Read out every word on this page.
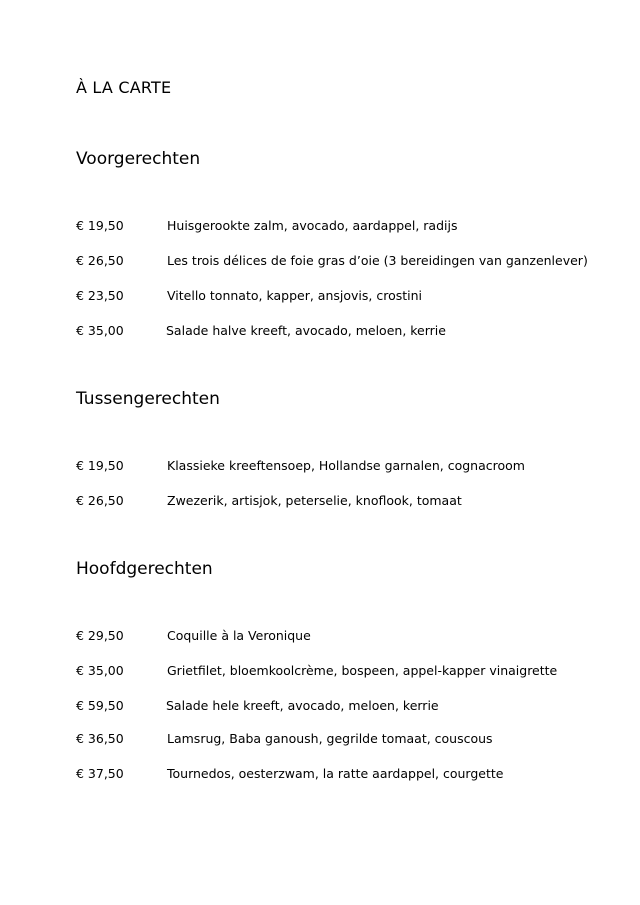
À LA CARTE
Voorgerechten
€ 19,50	Huisgerookte zalm, avocado, aardappel, radijs
€ 26,50	Les trois délices de foie gras d’oie (3 bereidingen van ganzenlever)
€ 23,50	Vitello tonnato, kapper, ansjovis, crostini
€ 35,00	Salade halve kreeft, avocado, meloen, kerrie
Tussengerechten
€ 19,50	Klassieke kreeftensoep, Hollandse garnalen, cognacroom
€ 26,50	Zwezerik, artisjok, peterselie, knoflook, tomaat
Hoofdgerechten
€ 29,50	Coquille à la Veronique
€ 35,00	Grietfilet, bloemkoolcrème, bospeen, appel-kapper vinaigrette
€ 59,50	Salade hele kreeft, avocado, meloen, kerrie
€ 36,50	Lamsrug, Baba ganoush, gegrilde tomaat, couscous
€ 37,50	Tournedos, oesterzwam, la ratte aardappel, courgette
